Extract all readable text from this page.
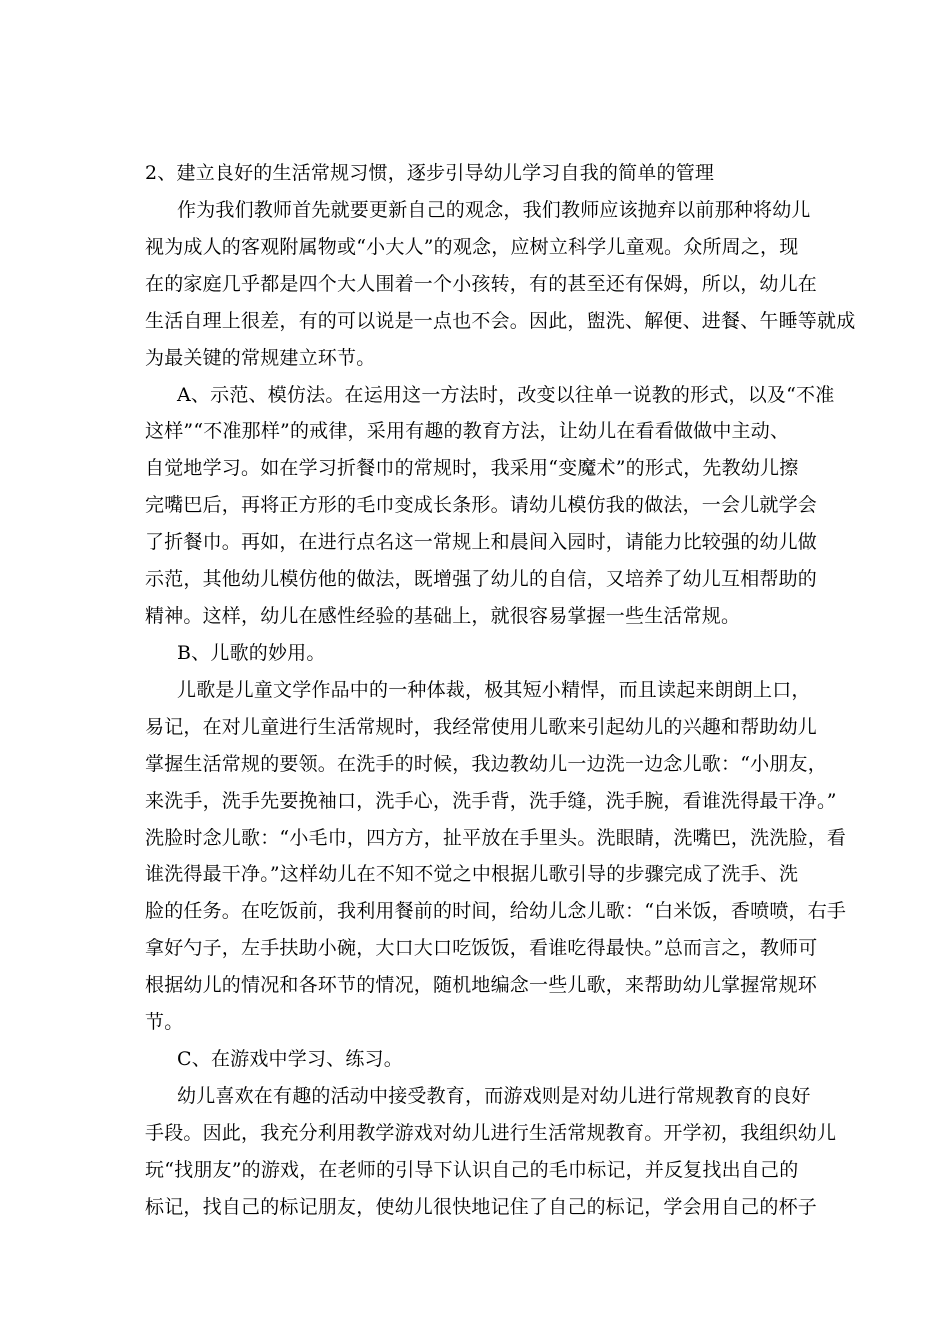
2、建立良好的生活常规习惯，逐步引导幼儿学习自我的简单的管理
作为我们教师首先就要更新自己的观念，我们教师应该抛弃以前那种将幼儿
视为成人的客观附属物或“小大人”的观念，应树立科学儿童观。众所周之，现
在的家庭几乎都是四个大人围着一个小孩转，有的甚至还有保姆，所以，幼儿在
生活自理上很差，有的可以说是一点也不会。因此，盥洗、解便、进餐、午睡等就成
为最关键的常规建立环节。
A、示范、模仿法。在运用这一方法时，改变以往单一说教的形式，以及“不准
这样”“不准那样”的戒律，采用有趣的教育方法，让幼儿在看看做做中主动、
自觉地学习。如在学习折餐巾的常规时，我采用“变魔术”的形式，先教幼儿擦
完嘴巴后，再将正方形的毛巾变成长条形。请幼儿模仿我的做法，一会儿就学会
了折餐巾。再如，在进行点名这一常规上和晨间入园时，请能力比较强的幼儿做
示范，其他幼儿模仿他的做法，既增强了幼儿的自信，又培养了幼儿互相帮助的
精神。这样，幼儿在感性经验的基础上，就很容易掌握一些生活常规。
B、儿歌的妙用。
儿歌是儿童文学作品中的一种体裁，极其短小精悍，而且读起来朗朗上口，
易记，在对儿童进行生活常规时，我经常使用儿歌来引起幼儿的兴趣和帮助幼儿
掌握生活常规的要领。在洗手的时候，我边教幼儿一边洗一边念儿歌：“小朋友，
来洗手，洗手先要挽袖口，洗手心，洗手背，洗手缝，洗手腕，看谁洗得最干净。”
洗脸时念儿歌：“小毛巾，四方方，扯平放在手里头。洗眼睛，洗嘴巴，洗洗脸，看
谁洗得最干净。”这样幼儿在不知不觉之中根据儿歌引导的步骤完成了洗手、洗
脸的任务。在吃饭前，我利用餐前的时间，给幼儿念儿歌：“白米饭，香喷喷，右手
拿好勺子，左手扶助小碗，大口大口吃饭饭，看谁吃得最快。”总而言之，教师可
根据幼儿的情况和各环节的情况，随机地编念一些儿歌，来帮助幼儿掌握常规环
节。
C、在游戏中学习、练习。
幼儿喜欢在有趣的活动中接受教育，而游戏则是对幼儿进行常规教育的良好
手段。因此，我充分利用教学游戏对幼儿进行生活常规教育。开学初，我组织幼儿
玩“找朋友”的游戏，在老师的引导下认识自己的毛巾标记，并反复找出自己的
标记，找自己的标记朋友，使幼儿很快地记住了自己的标记，学会用自己的杯子
